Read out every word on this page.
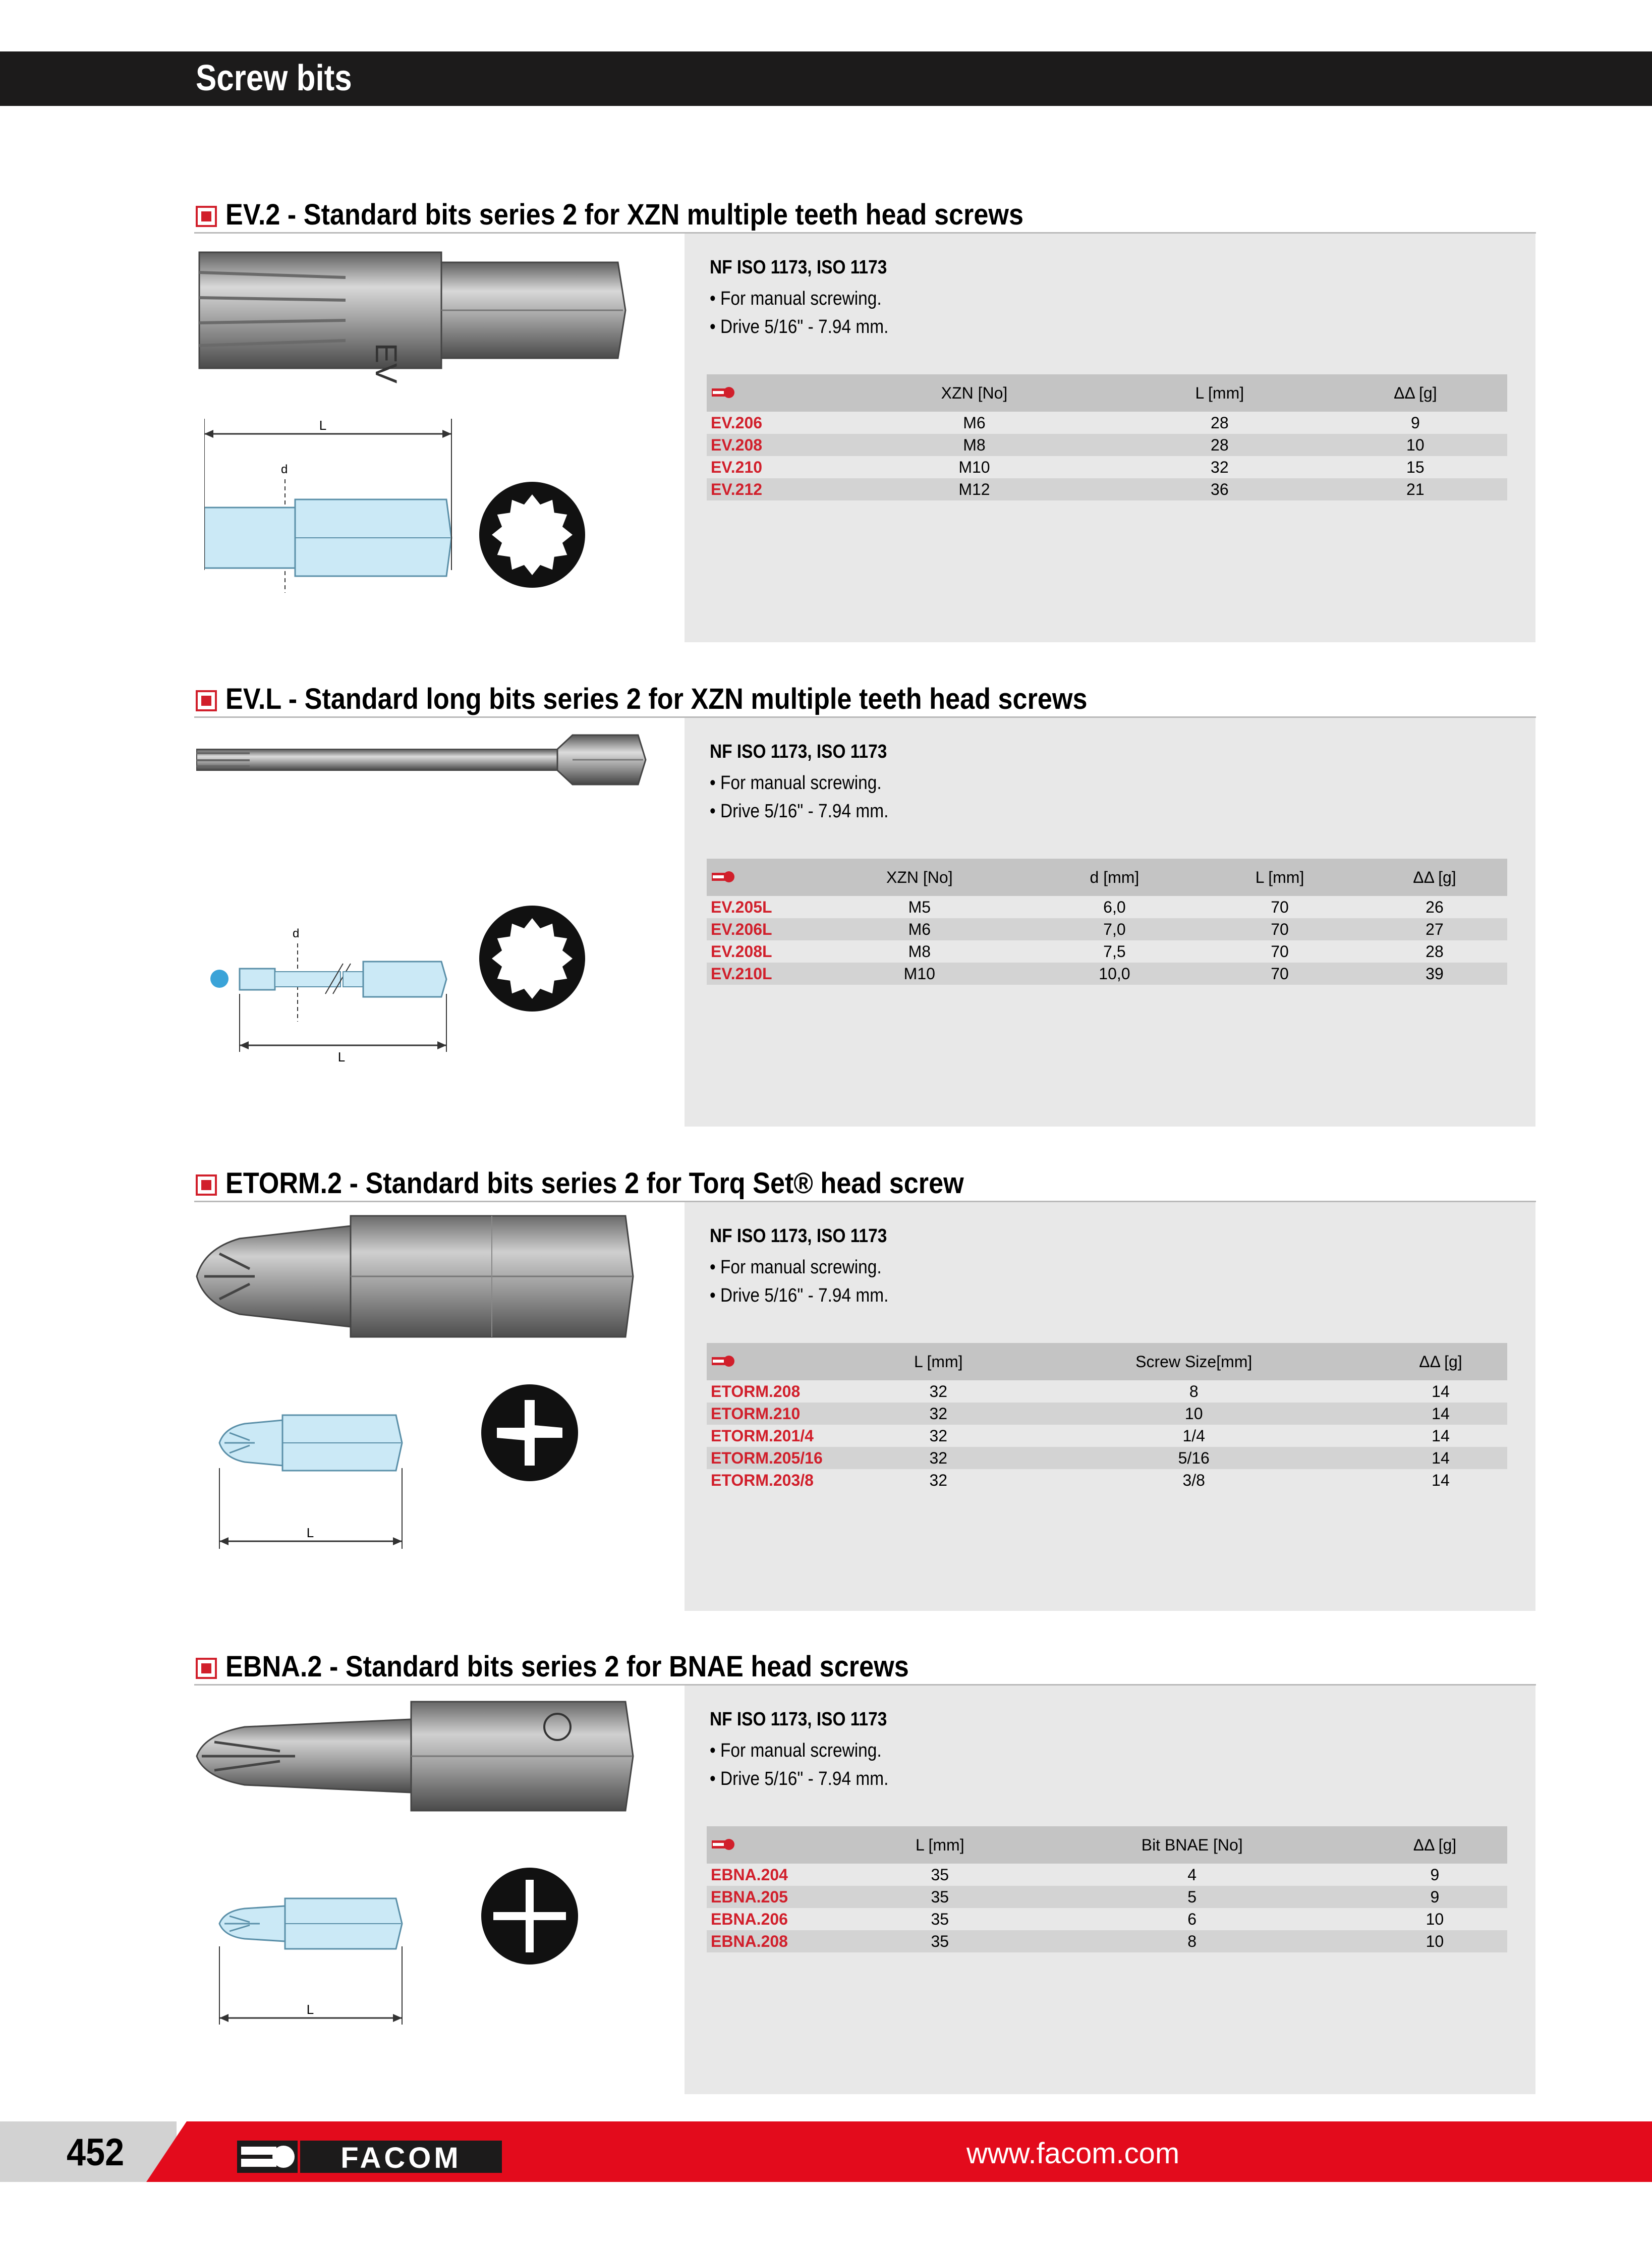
Screw bits
EV.2 - Standard bits series 2 for XZN multiple teeth head screws
EV
L
d
NF ISO 1173, ISO 1173
• For manual screwing.
• Drive 5/16" - 7.94 mm.
	XZN [No]	L [mm]	ΔΔ [g]
EV.206	M6	28	9
EV.208	M8	28	10
EV.210	M10	32	15
EV.212	M12	36	21
EV.L - Standard long bits series 2 for XZN multiple teeth head screws
d
L
NF ISO 1173, ISO 1173
• For manual screwing.
• Drive 5/16" - 7.94 mm.
	XZN [No]	d [mm]	L [mm]	ΔΔ [g]
EV.205L	M5	6,0	70	26
EV.206L	M6	7,0	70	27
EV.208L	M8	7,5	70	28
EV.210L	M10	10,0	70	39
ETORM.2 - Standard bits series 2 for Torq Set® head screw
L
NF ISO 1173, ISO 1173
• For manual screwing.
• Drive 5/16" - 7.94 mm.
	L [mm]	Screw Size[mm]	ΔΔ [g]
ETORM.208	32	8	14
ETORM.210	32	10	14
ETORM.201/4	32	1/4	14
ETORM.205/16	32	5/16	14
ETORM.203/8	32	3/8	14
EBNA.2 - Standard bits series 2 for BNAE head screws
L
NF ISO 1173, ISO 1173
• For manual screwing.
• Drive 5/16" - 7.94 mm.
	L [mm]	Bit BNAE [No]	ΔΔ [g]
EBNA.204	35	4	9
EBNA.205	35	5	9
EBNA.206	35	6	10
EBNA.208	35	8	10
452	FACOM	www.facom.com
